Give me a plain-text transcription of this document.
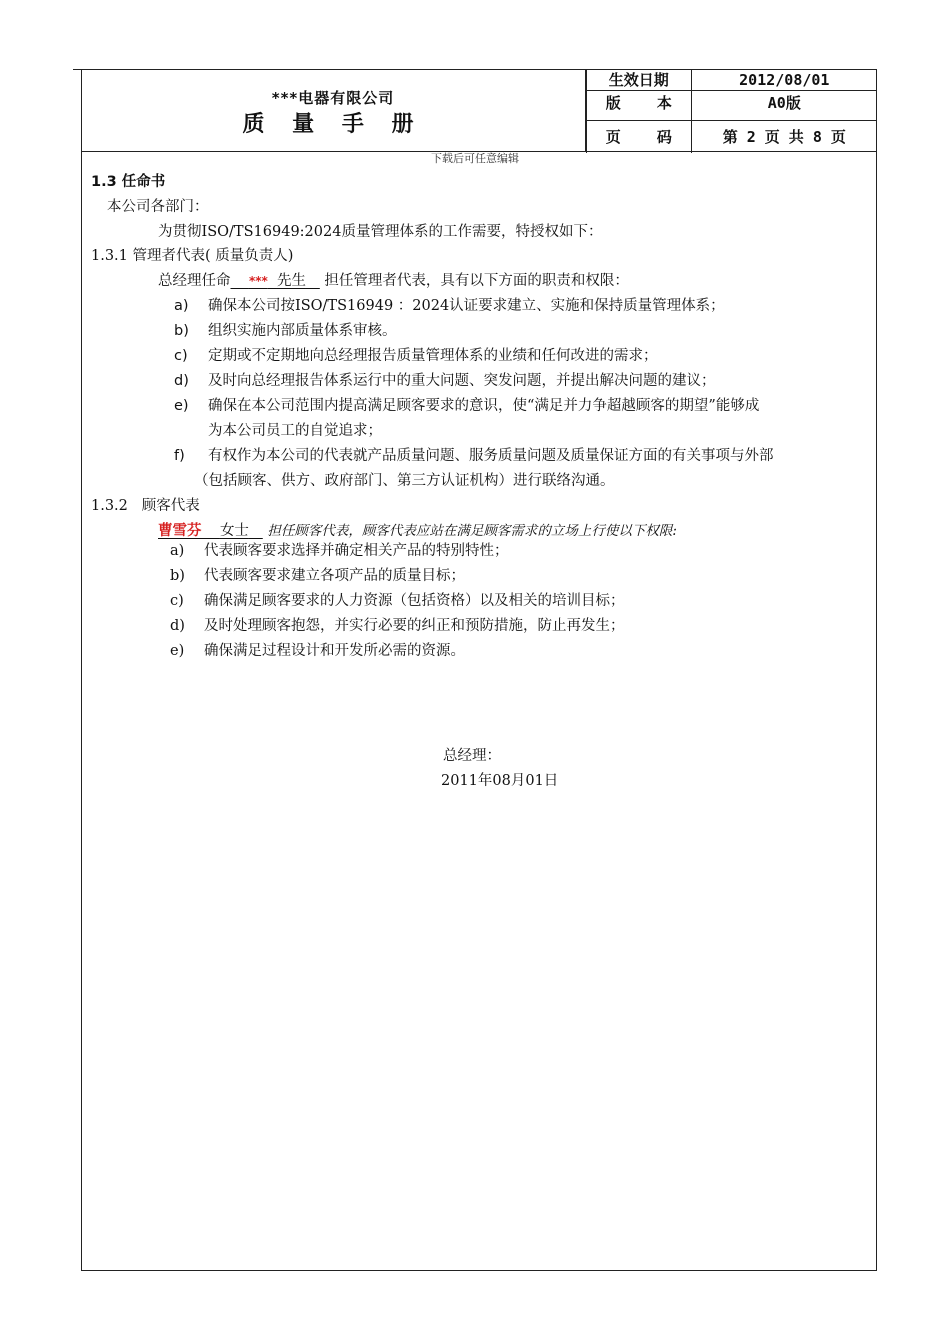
***电器有限公司
质 量 手 册
生效日期	2012/08/01
版    本	A0版
页    码	第 2 页 共 8 页
下载后可任意编辑
1.3 任命书
本公司各部门：
为贯彻ISO/TS16949:2024质量管理体系的工作需要，特授权如下：
1.3.1 管理者代表( 质量负责人)
总经理任命 *** 先生 担任管理者代表，具有以下方面的职责和权限：
a) 确保本公司按ISO/TS16949 ：2024认证要求建立、实施和保持质量管理体系；
b) 组织实施内部质量体系审核。
c) 定期或不定期地向总经理报告质量管理体系的业绩和任何改进的需求；
d) 及时向总经理报告体系运行中的重大问题、突发问题，并提出解决问题的建议；
e) 确保在本公司范围内提高满足顾客要求的意识，使“满足并力争超越顾客的期望”能够成
为本公司员工的自觉追求；
f) 有权作为本公司的代表就产品质量问题、服务质量问题及质量保证方面的有关事项与外部
（包括顾客、供方、政府部门、第三方认证机构）进行联络沟通。
1.3.2   顾客代表
曹雪芬 女士 担任顾客代表，顾客代表应站在满足顾客需求的立场上行使以下权限:
a) 代表顾客要求选择并确定相关产品的特别特性；
b) 代表顾客要求建立各项产品的质量目标；
c) 确保满足顾客要求的人力资源（包括资格）以及相关的培训目标；
d) 及时处理顾客抱怨，并实行必要的纠正和预防措施，防止再发生；
e) 确保满足过程设计和开发所必需的资源。
总经理：
2011年08月01日
